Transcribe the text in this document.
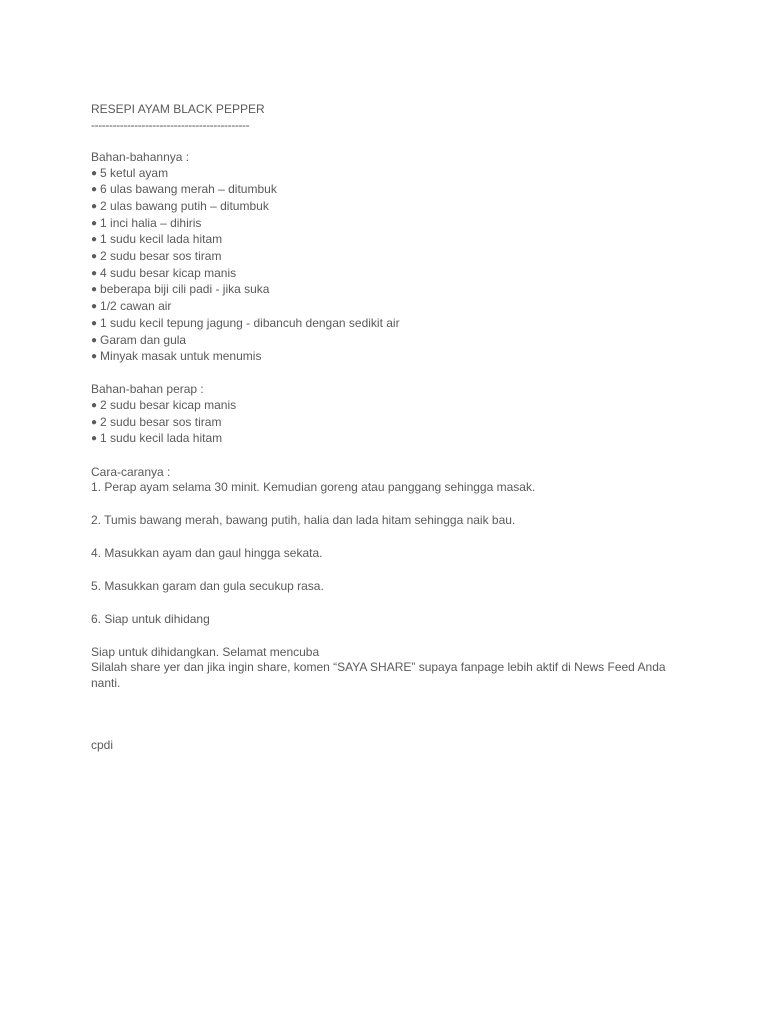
RESEPI AYAM BLACK PEPPER
--------------------------------------------
Bahan-bahannya :
● 5 ketul ayam
● 6 ulas bawang merah – ditumbuk
● 2 ulas bawang putih – ditumbuk
● 1 inci halia – dihiris
● 1 sudu kecil lada hitam
● 2 sudu besar sos tiram
● 4 sudu besar kicap manis
● beberapa biji cili padi - jika suka
● 1/2 cawan air
● 1 sudu kecil tepung jagung - dibancuh dengan sedikit air
● Garam dan gula
● Minyak masak untuk menumis
Bahan-bahan perap :
● 2 sudu besar kicap manis
● 2 sudu besar sos tiram
● 1 sudu kecil lada hitam
Cara-caranya :

1. Perap ayam selama 30 minit. Kemudian goreng atau panggang sehingga masak.

2. Tumis bawang merah, bawang putih, halia dan lada hitam sehingga naik bau.

4. Masukkan ayam dan gaul hingga sekata.

5. Masukkan garam dan gula secukup rasa.

6. Siap untuk dihidang

Siap untuk dihidangkan. Selamat mencuba

Silalah share yer dan jika ingin share, komen “SAYA SHARE” supaya fanpage lebih aktif di News Feed Anda nanti.

cpdi
